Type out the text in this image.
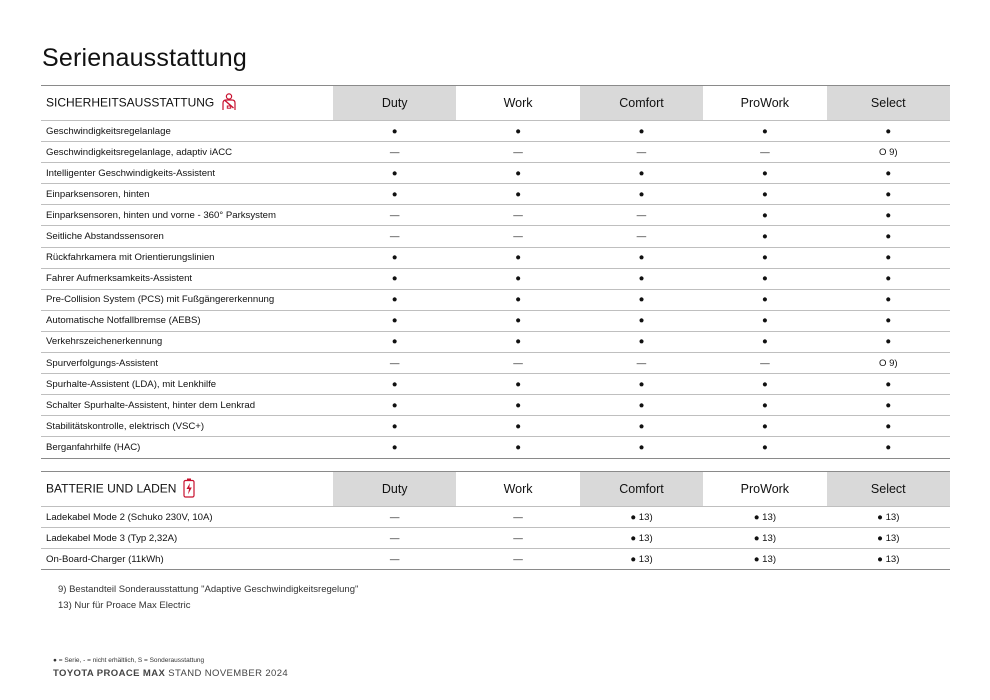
Serienausstattung
SICHERHEITSAUSSTATTUNG	Duty	Work	Comfort	ProWork	Select
Geschwindigkeitsregelanlage	●	●	●	●	●
Geschwindigkeitsregelanlage, adaptiv iACC	—	—	—	—	O 9)
Intelligenter Geschwindigkeits-Assistent	●	●	●	●	●
Einparksensoren, hinten	●	●	●	●	●
Einparksensoren, hinten und vorne - 360° Parksystem	—	—	—	●	●
Seitliche Abstandssensoren	—	—	—	●	●
Rückfahrkamera mit Orientierungslinien	●	●	●	●	●
Fahrer Aufmerksamkeits-Assistent	●	●	●	●	●
Pre-Collision System (PCS) mit Fußgängererkennung	●	●	●	●	●
Automatische Notfallbremse (AEBS)	●	●	●	●	●
Verkehrszeichenerkennung	●	●	●	●	●
Spurverfolgungs-Assistent	—	—	—	—	O 9)
Spurhalte-Assistent (LDA), mit Lenkhilfe	●	●	●	●	●
Schalter Spurhalte-Assistent, hinter dem Lenkrad	●	●	●	●	●
Stabilitätskontrolle, elektrisch (VSC+)	●	●	●	●	●
Berganfahrhilfe (HAC)	●	●	●	●	●
BATTERIE UND LADEN	Duty	Work	Comfort	ProWork	Select
Ladekabel Mode 2 (Schuko 230V, 10A)	—	—	● 13)	● 13)	● 13)
Ladekabel Mode 3 (Typ 2,32A)	—	—	● 13)	● 13)	● 13)
On-Board-Charger (11kWh)	—	—	● 13)	● 13)	● 13)
9) Bestandteil Sonderausstattung "Adaptive Geschwindigkeitsregelung"
13) Nur für Proace Max Electric
● = Serie, - = nicht erhältlich, S = Sonderausstattung
TOYOTA PROACE MAX STAND NOVEMBER 2024
